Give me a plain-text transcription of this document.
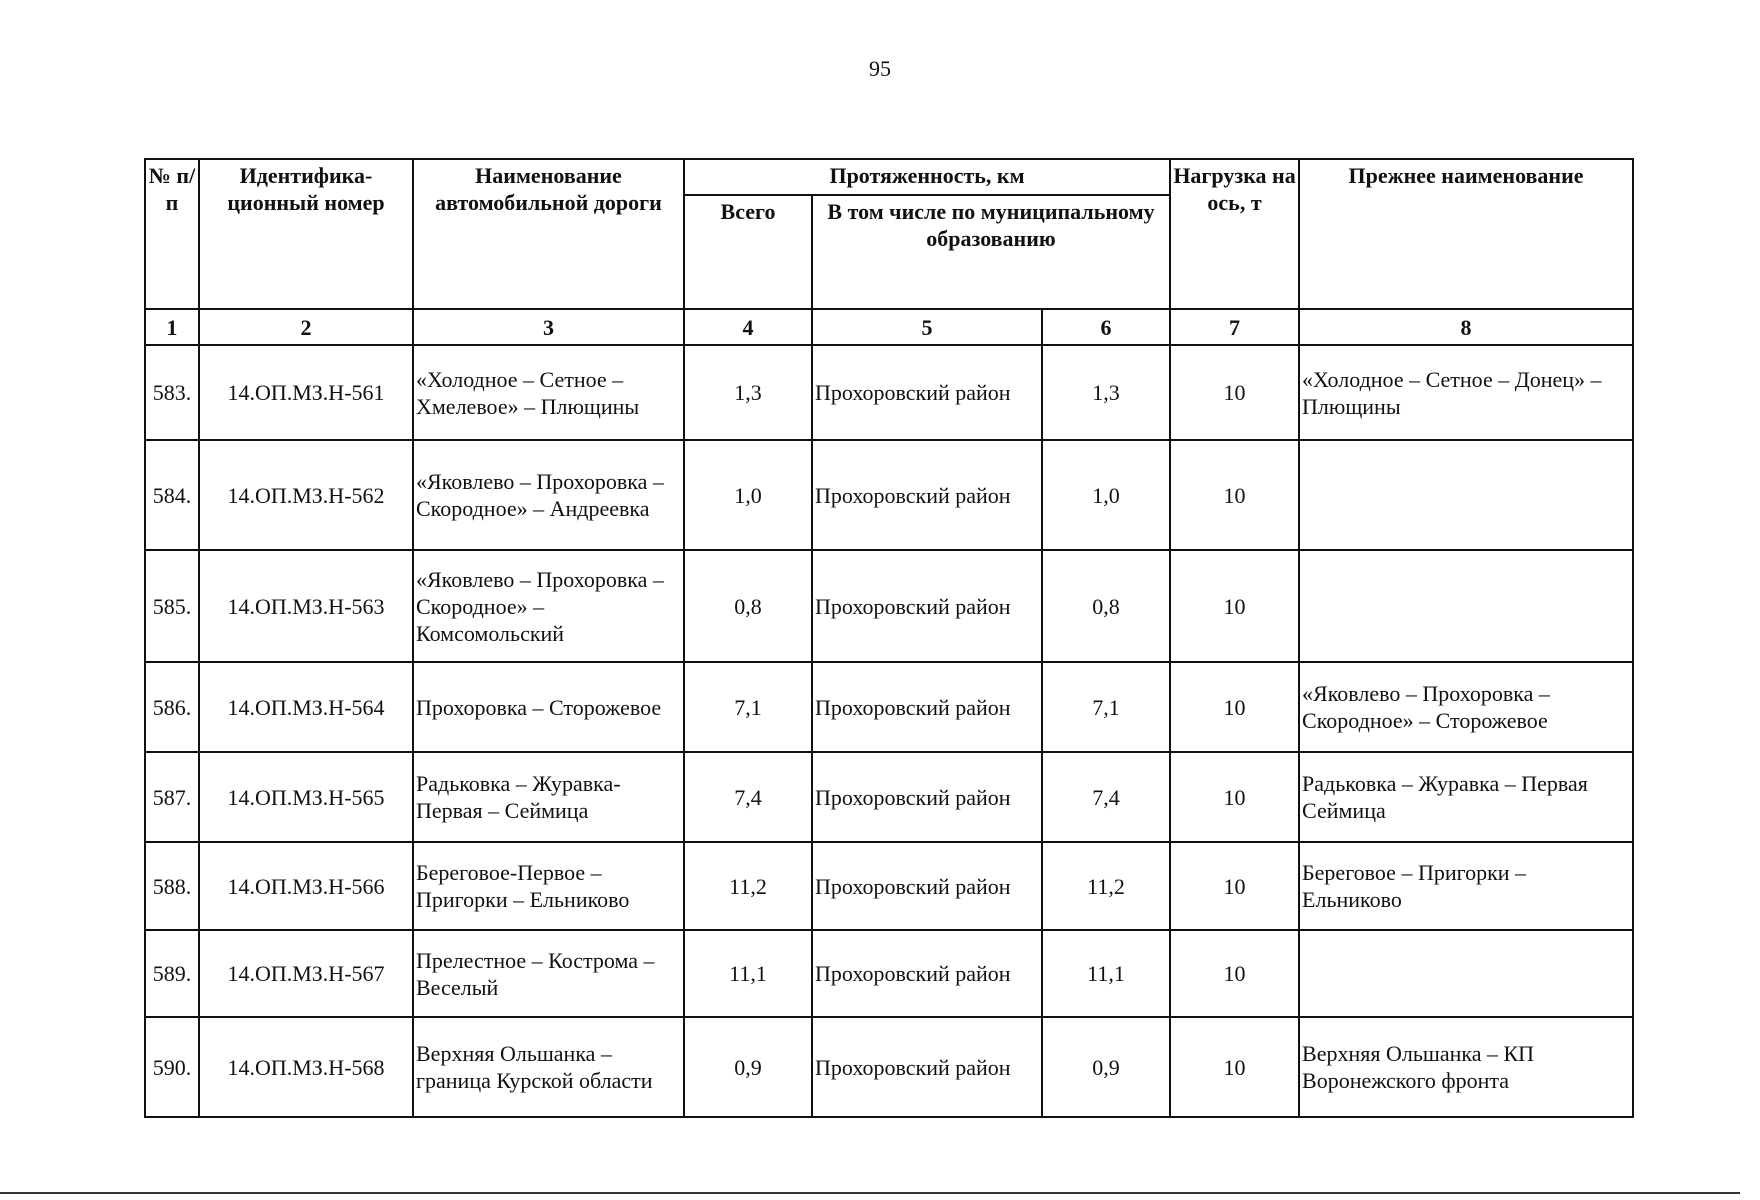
95
№ п/п	Идентифика-ционный номер	Наименование автомобильной дороги	Протяженность, км			Нагрузка на ось, т	Прежнее наименование
			Всего	В том числе по муниципальному образованию			
1	2	3	4	5	6	7	8
583.	14.ОП.МЗ.Н-561	«Холодное – Сетное – Хмелевое» – Плющины	1,3	Прохоровский район	1,3	10	«Холодное – Сетное – Донец» – Плющины
584.	14.ОП.МЗ.Н-562	«Яковлево – Прохоровка – Скородное» – Андреевка	1,0	Прохоровский район	1,0	10	
585.	14.ОП.МЗ.Н-563	«Яковлево – Прохоровка – Скородное» – Комсомольский	0,8	Прохоровский район	0,8	10	
586.	14.ОП.МЗ.Н-564	Прохоровка – Сторожевое	7,1	Прохоровский район	7,1	10	«Яковлево – Прохоровка – Скородное» – Сторожевое
587.	14.ОП.МЗ.Н-565	Радьковка – Журавка-Первая – Сеймица	7,4	Прохоровский район	7,4	10	Радьковка – Журавка – Первая Сеймица
588.	14.ОП.МЗ.Н-566	Береговое-Первое – Пригорки – Ельниково	11,2	Прохоровский район	11,2	10	Береговое – Пригорки – Ельниково
589.	14.ОП.МЗ.Н-567	Прелестное – Кострома – Веселый	11,1	Прохоровский район	11,1	10	
590.	14.ОП.МЗ.Н-568	Верхняя Ольшанка – граница Курской области	0,9	Прохоровский район	0,9	10	Верхняя Ольшанка – КП Воронежского фронта
